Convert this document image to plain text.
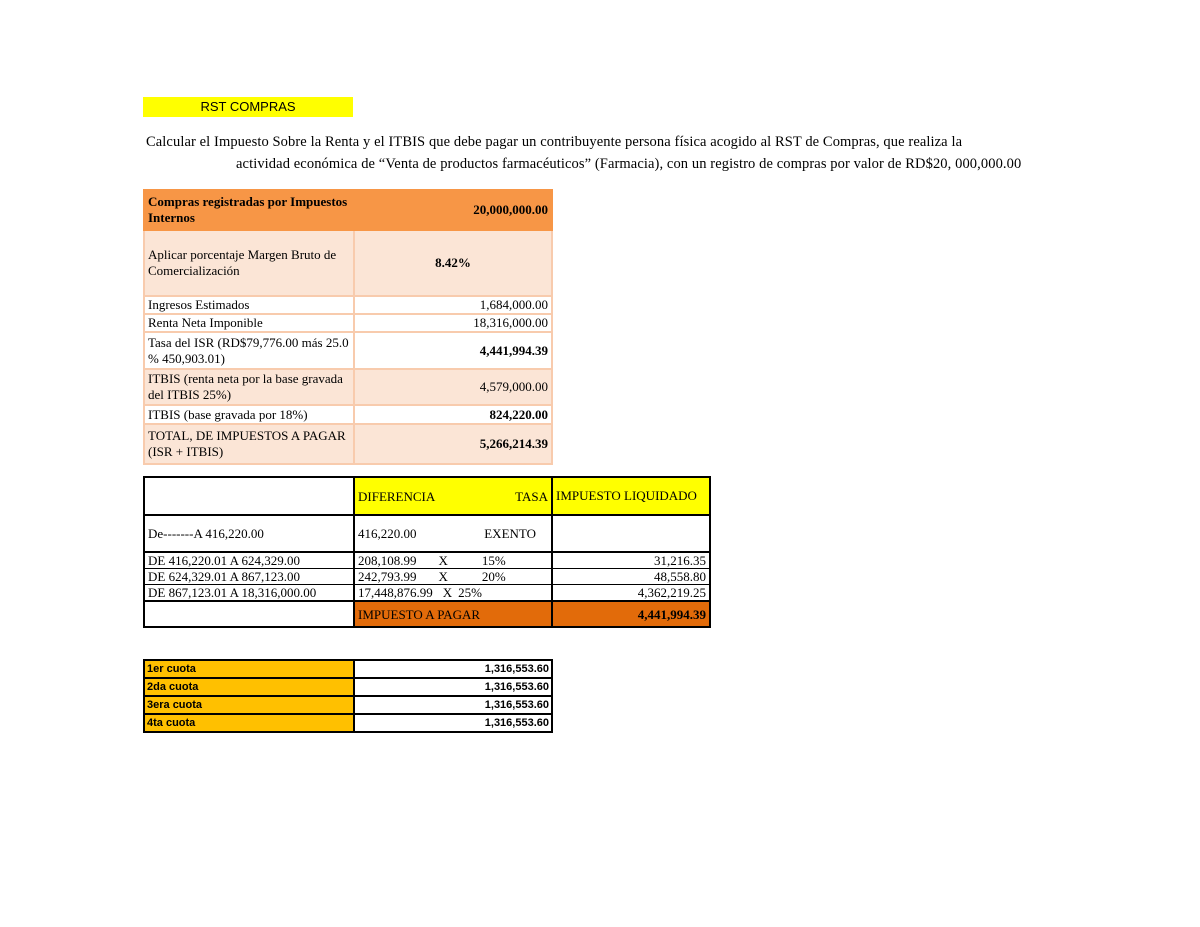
RST COMPRAS
Calcular el Impuesto Sobre la Renta y el ITBIS que debe pagar un contribuyente persona física acogido al RST de Compras, que realiza la
actividad económica de “Venta de productos farmacéuticos” (Farmacia), con un registro de compras por valor de RD$20, 000,000.00
Compras registradas por Impuestos Internos	20,000,000.00
Aplicar porcentaje Margen Bruto de Comercialización	8.42%
Ingresos Estimados	1,684,000.00
Renta Neta Imponible	18,316,000.00
Tasa del ISR (RD$79,776.00 más 25.0 % 450,903.01)	4,441,994.39
ITBIS (renta neta por la base gravada del ITBIS 25%)	4,579,000.00
ITBIS (base gravada por 18%)	824,220.00
TOTAL, DE IMPUESTOS A PAGAR (ISR + ITBIS)	5,266,214.39

	DIFERENCIA TASA	IMPUESTO LIQUIDADO
De-------A 416,220.00	416,220.00 EXENTO	

DE 416,220.01 A 624,329.00	208,108.99 X 15%	31,216.35
DE 624,329.01 A 867,123.00	242,793.99 X 20%	48,558.80
DE 867,123.01 A 18,316,000.00	17,448,876.99 X 25%	4,362,219.25
	IMPUESTO A PAGAR	4,441,994.39
1er cuota	1,316,553.60
2da cuota	1,316,553.60
3era cuota	1,316,553.60
4ta cuota	1,316,553.60
